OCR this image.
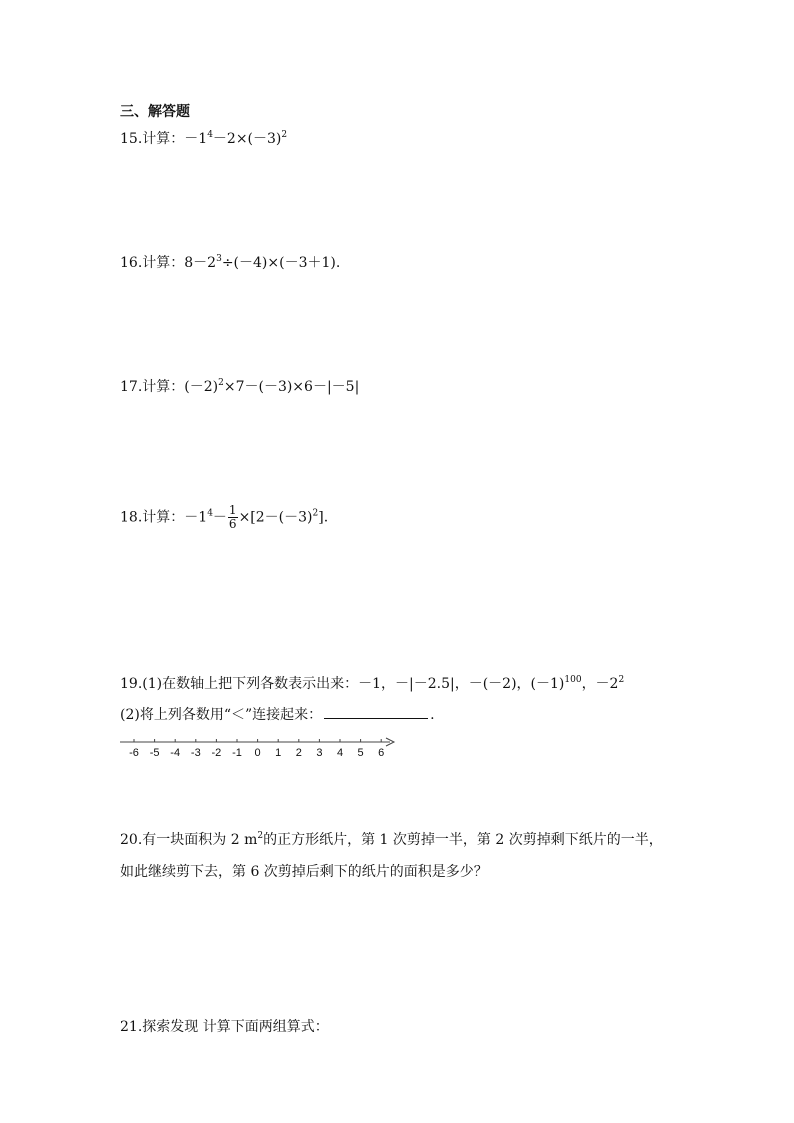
三、解答题
15.计算：$-1^4-2\times(-3)^2$
16.计算：$8-2^3\div(-4)\times(-3+1)$.
17.计算：$(-2)^2\times 7-(-3)\times 6-|-5|$
18.计算：$-1^4- \frac{1}{6} \times[2-(-3)^2]$.
19.(1)在数轴上把下列各数表示出来：－1，－|－2.5|，－(－2)，$(-1)^{100}$，$-2^2$
(2)将上列各数用“＜”连接起来：	.
-6 -5 -4 -3 -2 -1 0 1 2 3 4 5 6
20.有一块面积为 2 $m^2$的正方形纸片，第 1 次剪掉一半，第 2 次剪掉剩下纸片的一半，
如此继续剪下去，第 6 次剪掉后剩下的纸片的面积是多少？
21.探索发现 计算下面两组算式：
